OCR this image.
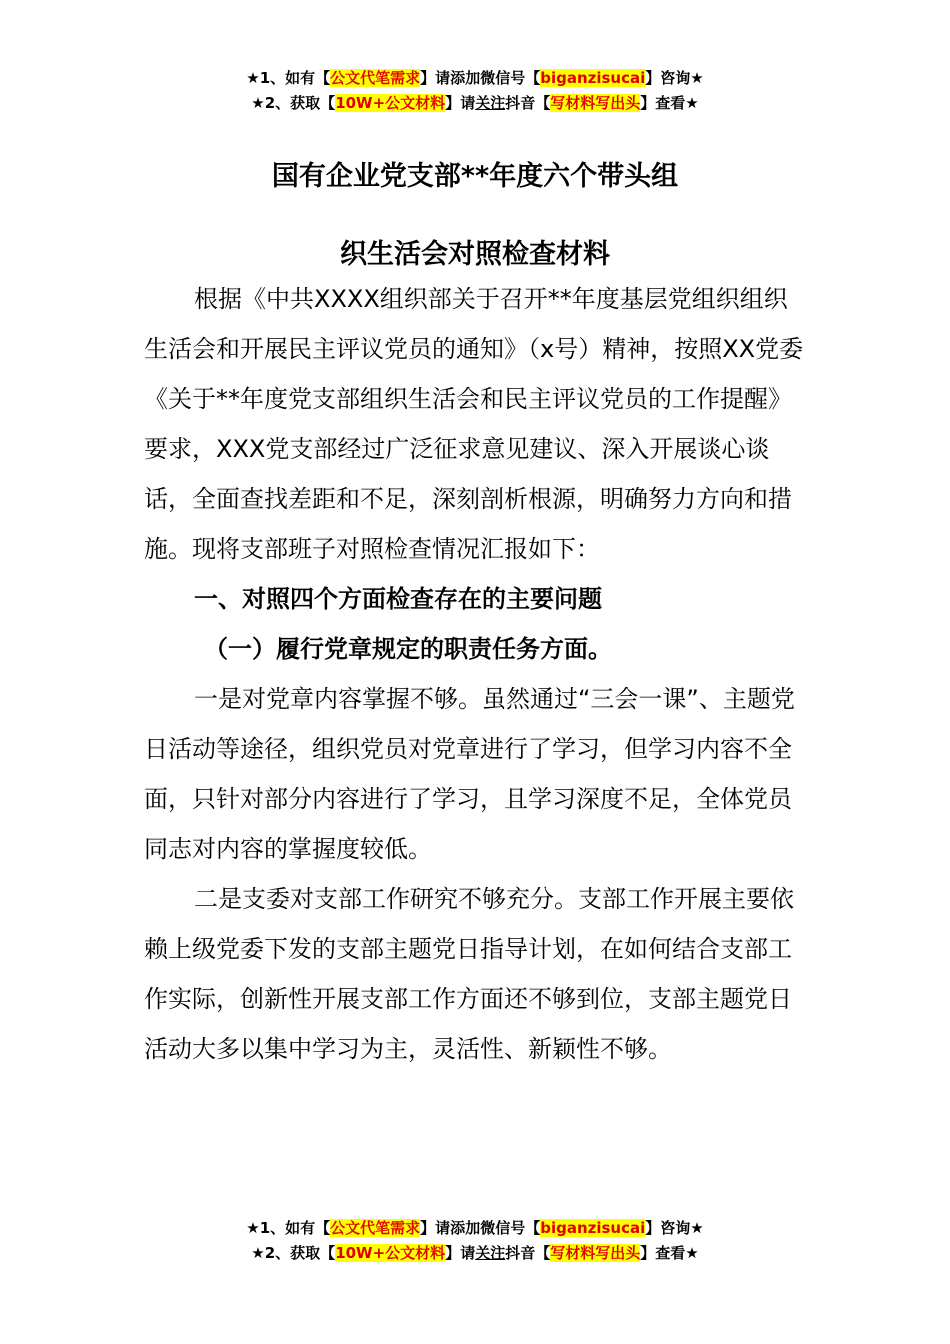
★1、如有【公文代笔需求】请添加微信号【biganzisucai】咨询★
★2、获取【10W+公文材料】请关注抖音【写材料写出头】查看★
国有企业党支部**年度六个带头组
织生活会对照检查材料

根据《中共XXXX组织部关于召开**年度基层党组织组织生活会和开展民主评议党员的通知》（x号）精神，按照XX党委《关于**年度党支部组织生活会和民主评议党员的工作提醒》要求，XXX党支部经过广泛征求意见建议、深入开展谈心谈话，全面查找差距和不足，深刻剖析根源，明确努力方向和措施。现将支部班子对照检查情况汇报如下：

一、对照四个方面检查存在的主要问题

（一）履行党章规定的职责任务方面。

一是对党章内容掌握不够。虽然通过“三会一课”、主题党日活动等途径，组织党员对党章进行了学习，但学习内容不全面，只针对部分内容进行了学习，且学习深度不足，全体党员同志对内容的掌握度较低。

二是支委对支部工作研究不够充分。支部工作开展主要依赖上级党委下发的支部主题党日指导计划，在如何结合支部工作实际，创新性开展支部工作方面还不够到位，支部主题党日活动大多以集中学习为主，灵活性、新颖性不够。

★1、如有【公文代笔需求】请添加微信号【biganzisucai】咨询★
★2、获取【10W+公文材料】请关注抖音【写材料写出头】查看★
